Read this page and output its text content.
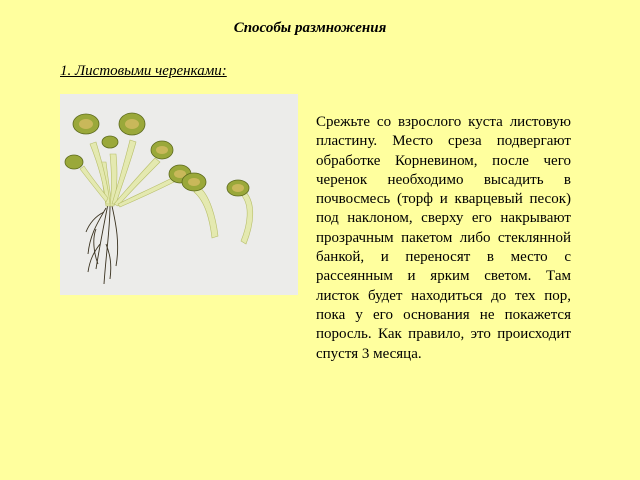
Способы размножения
1. Листовыми черенками:
Срежьте со взрослого куста листовую пластину. Место среза подвергают обработке Корневином, после чего черенок необходимо высадить в почвосмесь (торф и кварцевый песок) под наклоном, сверху его накрывают прозрачным пакетом либо стеклянной банкой, и переносят в место с рассеянным и ярким светом. Там листок будет находиться до тех пор, пока у его основания не покажется поросль. Как правило, это происходит спустя 3 месяца.
